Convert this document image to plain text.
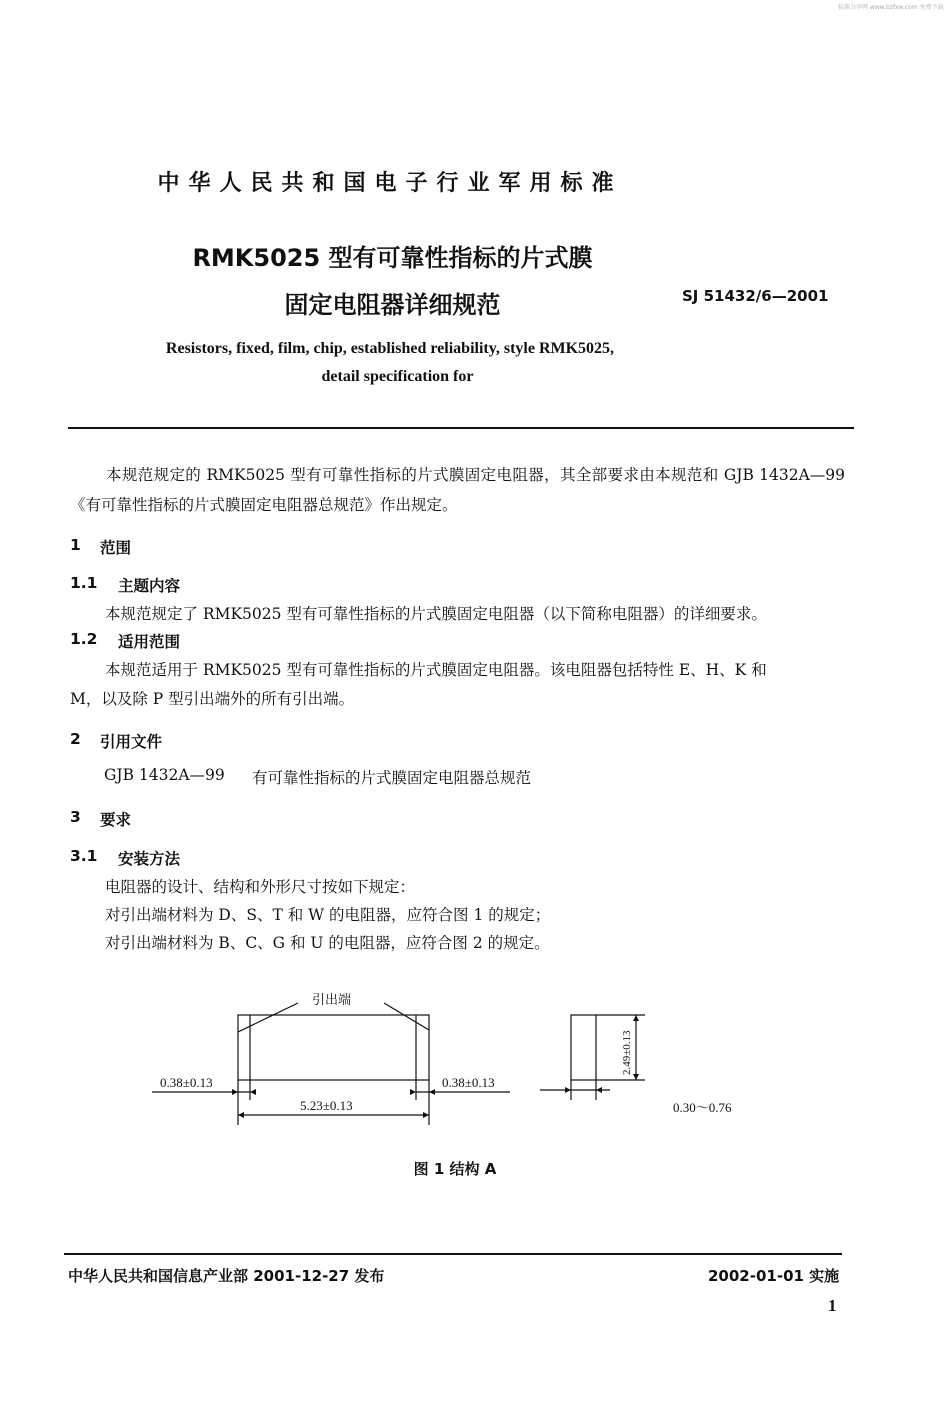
标准分享网 www.bzfxw.com 免费下载
中华人民共和国电子行业军用标准
RMK5025 型有可靠性指标的片式膜
固定电阻器详细规范	SJ 51432/6—2001
Resistors, fixed, film, chip, established reliability, style RMK5025,
detail specification for
本规范规定的 RMK5025 型有可靠性指标的片式膜固定电阻器，其全部要求由本规范和 GJB 1432A—99《有可靠性指标的片式膜固定电阻器总规范》作出规定。
1 范围
1.1 主题内容
本规范规定了 RMK5025 型有可靠性指标的片式膜固定电阻器（以下简称电阻器）的详细要求。
1.2 适用范围
本规范适用于 RMK5025 型有可靠性指标的片式膜固定电阻器。该电阻器包括特性 E、H、K 和
M，以及除 P 型引出端外的所有引出端。
2 引用文件
GJB 1432A—99 有可靠性指标的片式膜固定电阻器总规范
3 要求
3.1 安装方法
电阻器的设计、结构和外形尺寸按如下规定：
对引出端材料为 D、S、T 和 W 的电阻器，应符合图 1 的规定；
对引出端材料为 B、C、G 和 U 的电阻器，应符合图 2 的规定。
引出端
0.38±0.13	0.38±0.13
5.23±0.13	0.30～0.76
2.49±0.13
图 1 结构 A
中华人民共和国信息产业部 2001-12-27 发布	2002-01-01 实施
1
